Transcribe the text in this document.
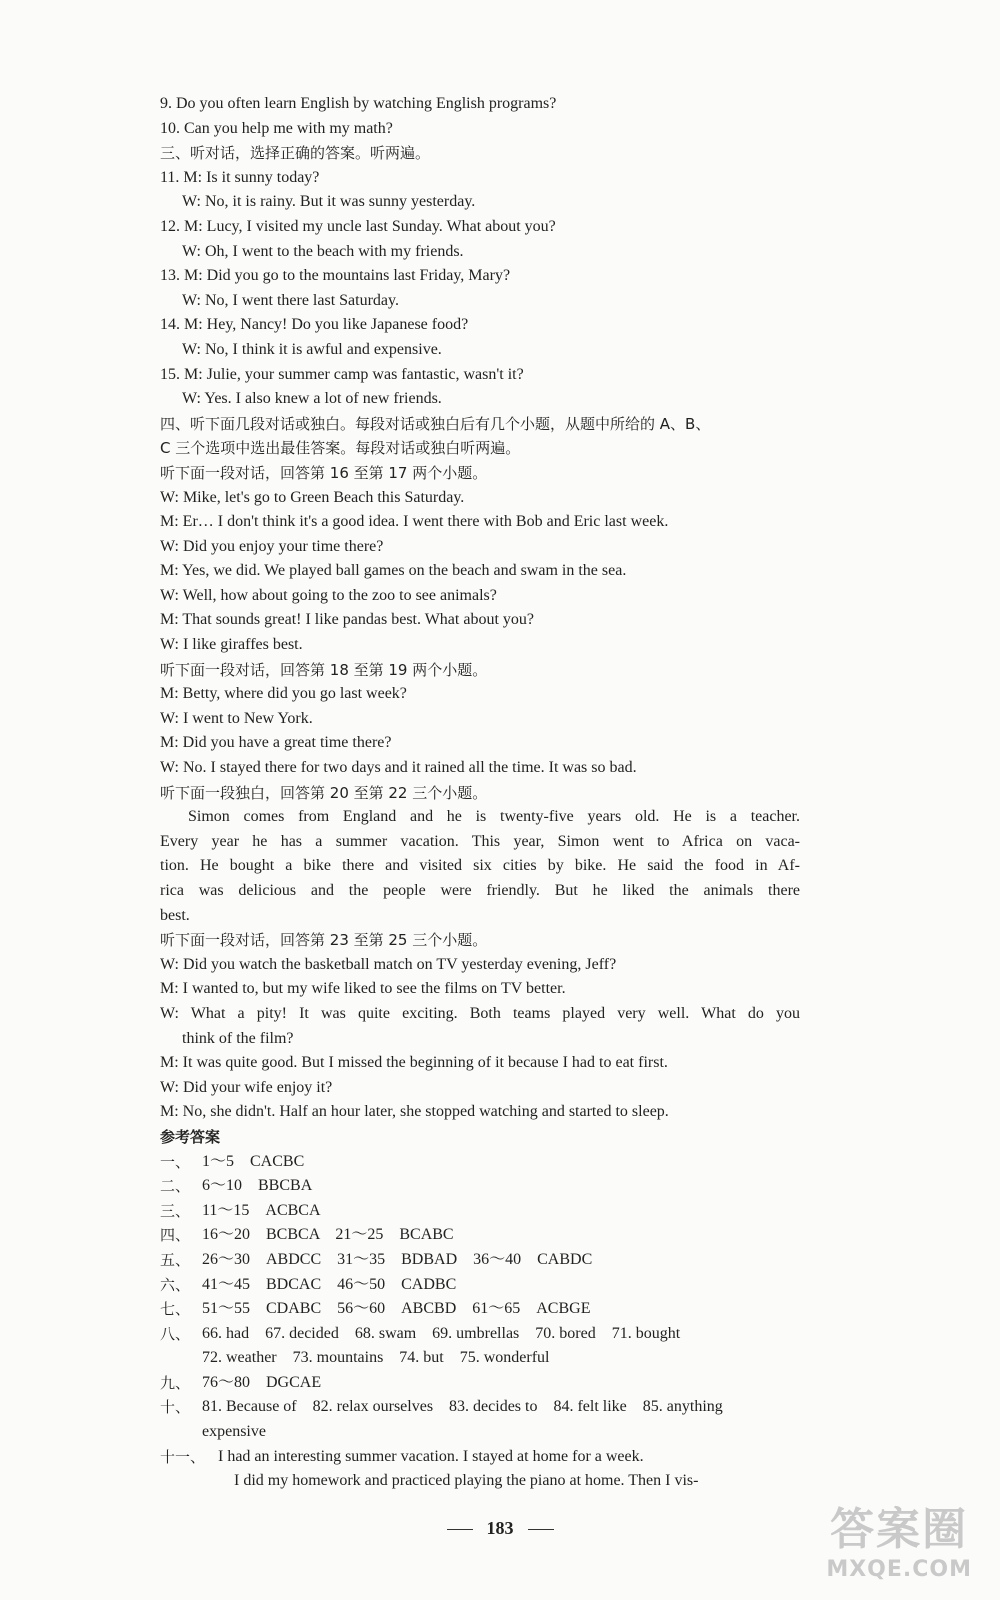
9. Do you often learn English by watching English programs?
10. Can you help me with my math?
三、听对话，选择正确的答案。听两遍。
11. M: Is it sunny today?
W: No, it is rainy. But it was sunny yesterday.
12. M: Lucy, I visited my uncle last Sunday. What about you?
W: Oh, I went to the beach with my friends.
13. M: Did you go to the mountains last Friday, Mary?
W: No, I went there last Saturday.
14. M: Hey, Nancy! Do you like Japanese food?
W: No, I think it is awful and expensive.
15. M: Julie, your summer camp was fantastic, wasn't it?
W: Yes. I also knew a lot of new friends.
四、听下面几段对话或独白。每段对话或独白后有几个小题，从题中所给的 A、B、
C 三个选项中选出最佳答案。每段对话或独白听两遍。
听下面一段对话，回答第 16 至第 17 两个小题。
W: Mike, let's go to Green Beach this Saturday.
M: Er… I don't think it's a good idea. I went there with Bob and Eric last week.
W: Did you enjoy your time there?
M: Yes, we did. We played ball games on the beach and swam in the sea.
W: Well, how about going to the zoo to see animals?
M: That sounds great! I like pandas best. What about you?
W: I like giraffes best.
听下面一段对话，回答第 18 至第 19 两个小题。
M: Betty, where did you go last week?
W: I went to New York.
M: Did you have a great time there?
W: No. I stayed there for two days and it rained all the time. It was so bad.
听下面一段独白，回答第 20 至第 22 三个小题。
Simon comes from England and he is twenty-five years old. He is a teacher.
Every year he has a summer vacation. This year, Simon went to Africa on vaca-
tion. He bought a bike there and visited six cities by bike. He said the food in Af-
rica was delicious and the people were friendly. But he liked the animals there
best.
听下面一段对话，回答第 23 至第 25 三个小题。
W: Did you watch the basketball match on TV yesterday evening, Jeff?
M: I wanted to, but my wife liked to see the films on TV better.
W: What a pity! It was quite exciting. Both teams played very well. What do you
think of the film?
M: It was quite good. But I missed the beginning of it because I had to eat first.
W: Did your wife enjoy it?
M: No, she didn't. Half an hour later, she stopped watching and started to sleep.
参考答案
一、 1～5　CACBC
二、 6～10　BBCBA
三、 11～15　ACBCA
四、 16～20　BCBCA　21～25　BCABC
五、 26～30　ABDCC　31～35　BDBAD　36～40　CABDC
六、 41～45　BDCAC　46～50　CADBC
七、 51～55　CDABC　56～60　ABCBD　61～65　ACBGE
八、 66. had　67. decided　68. swam　69. umbrellas　70. bored　71. bought
72. weather　73. mountains　74. but　75. wonderful
九、 76～80　DGCAE
十、 81. Because of　82. relax ourselves　83. decides to　84. felt like　85. anything
expensive
十一、
　I had an interesting summer vacation. I stayed at home for a week.
　　I did my homework and practiced playing the piano at home. Then I vis-
183	答案圈
MXQE.COM
